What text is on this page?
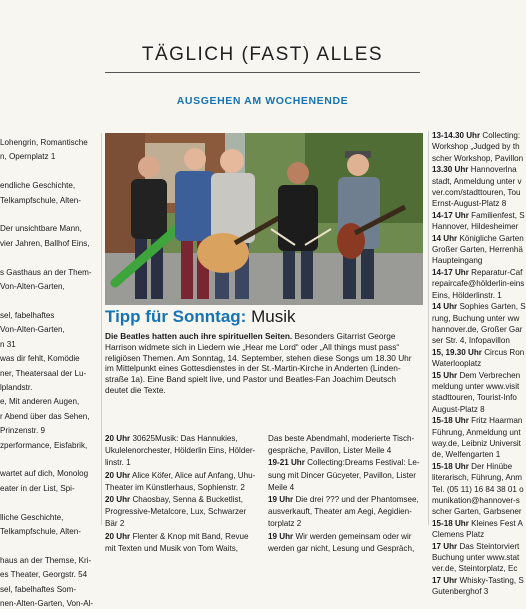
TÄGLICH (FAST) ALLES
AUSGEHEN AM WOCHENENDE

Lohengrin, Romantische

n, Opernplatz 1

endliche Geschichte,

Telkampfschule, Alten-

Der unsichtbare Mann,

vier Jahren, Ballhof Eins,

s Gasthaus an der Them-

Von-Alten-Garten,

sel, fabelhaftes

Von-Alten-Garten,

n 31

was dir fehlt, Komödie

ner, Theatersaal der Lu-

lplandstr.

e, Mit anderen Augen,

r Abend über das Sehen,

Prinzenstr. 9

zperformance, Eisfabrik,

wartet auf dich, Monolog

eater in der List, Spi-

lliche Geschichte,

Telkampfschule, Alten-

haus an der Themse, Kri-

es Theater, Georgstr. 54

sel, fabelhaftes Som-

nen-Alten-Garten, Von-Al-

Tipp für Sonntag: Musik
Die Beatles hatten auch ihre spirituellen Seiten. Besonders Gitarrist George
Harrison widmete sich in Liedern wie „Hear me Lord“ oder „All things must pass“
religiösen Themen. Am Sonntag, 14. September, stehen diese Songs um 18.30 Uhr
im Mittelpunkt eines Gottesdienstes in der St.-Martin-Kirche in Anderten (Linden-
straße 1a). Eine Band spielt live, und Pastor und Beatles-Fan Joachim Deutsch
deutet die Texte.

20 Uhr 30625Musik: Das Hannukies,

Ukulelenorchester, Hölderlin Eins, Hölder-

linstr. 1

20 Uhr Alice Köfer, Alice auf Anfang, Uhu-

Theater im Künstlerhaus, Sophienstr. 2

20 Uhr Chaosbay, Senna & Bucketlist,

Progressive-Metalcore, Lux, Schwarzer

Bär 2

20 Uhr Flenter & Knop mit Band, Revue

mit Texten und Musik von Tom Waits,

Das beste Abendmahl, moderierte Tisch-

gespräche, Pavillon, Lister Meile 4

19-21 Uhr Collecting:Dreams Festival: Le-

sung mit Dincer Gücyeter, Pavillon, Lister

Meile 4

19 Uhr Die drei ??? und der Phantomsee,

ausverkauft, Theater am Aegi, Aegidien-

torplatz 2

19 Uhr Wir werden gemeinsam oder wir

werden gar nicht, Lesung und Gespräch,

13-14.30 Uhr Collecting:

Workshop „Judged by th

scher Workshop, Pavillon

13.30 Uhr Hannoverlna

stadt, Anmeldung unter v

ver.com/stadttouren, Tou

Ernst-August-Platz 8

14-17 Uhr Familienfest, S

Hannover, Hildesheimer

14 Uhr Königliche Garten

Großer Garten, Herrenhä

Haupteingang

14-17 Uhr Reparatur-Caf

repaircafe@hölderlin-eins

Eins, Hölderlinstr. 1

14 Uhr Sophies Garten, S

rung, Buchung unter ww

hannover.de, Großer Gar

ser Str. 4, Infopavillon

15, 19.30 Uhr Circus Ron

Waterlooplatz

15 Uhr Dem Verbrechen

meldung unter www.visit

stadttouren, Tourist-Info

August-Platz 8

15-18 Uhr Fritz Haarman

Führung, Anmeldung unt

way.de, Leibniz Universit

de, Welfengarten 1

15-18 Uhr Der Hinübe

literarisch, Führung, Anm

Tel. (05 11) 16 84 38 01 o

munikation@hannover-s

scher Garten, Garbsener

15-18 Uhr Kleines Fest A

Clemens Platz

17 Uhr Das Steintorviert

Buchung unter www.stat

ver.de, Steintorplatz, Ec

17 Uhr Whisky-Tasting, S

Gutenberghof 3
